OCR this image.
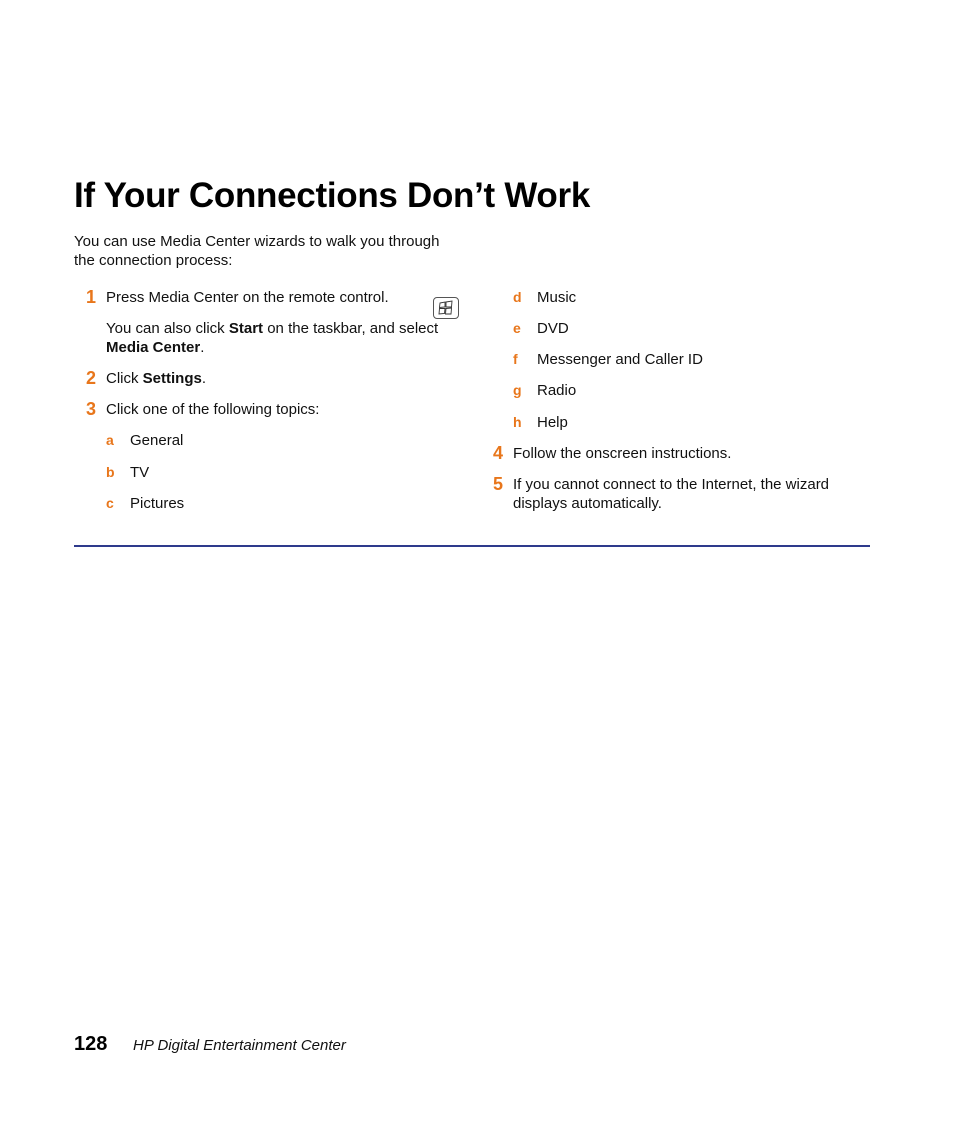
If Your Connections Don’t Work
You can use Media Center wizards to walk you through the connection process:
1 Press Media Center on the remote control.
You can also click Start on the taskbar, and select
Media Center.
2 Click Settings.
3 Click one of the following topics:
a General
b TV
c Pictures
d Music
e DVD
f Messenger and Caller ID
g Radio
h Help
4 Follow the onscreen instructions.
5 If you cannot connect to the Internet, the wizard
displays automatically.
128 HP Digital Entertainment Center
